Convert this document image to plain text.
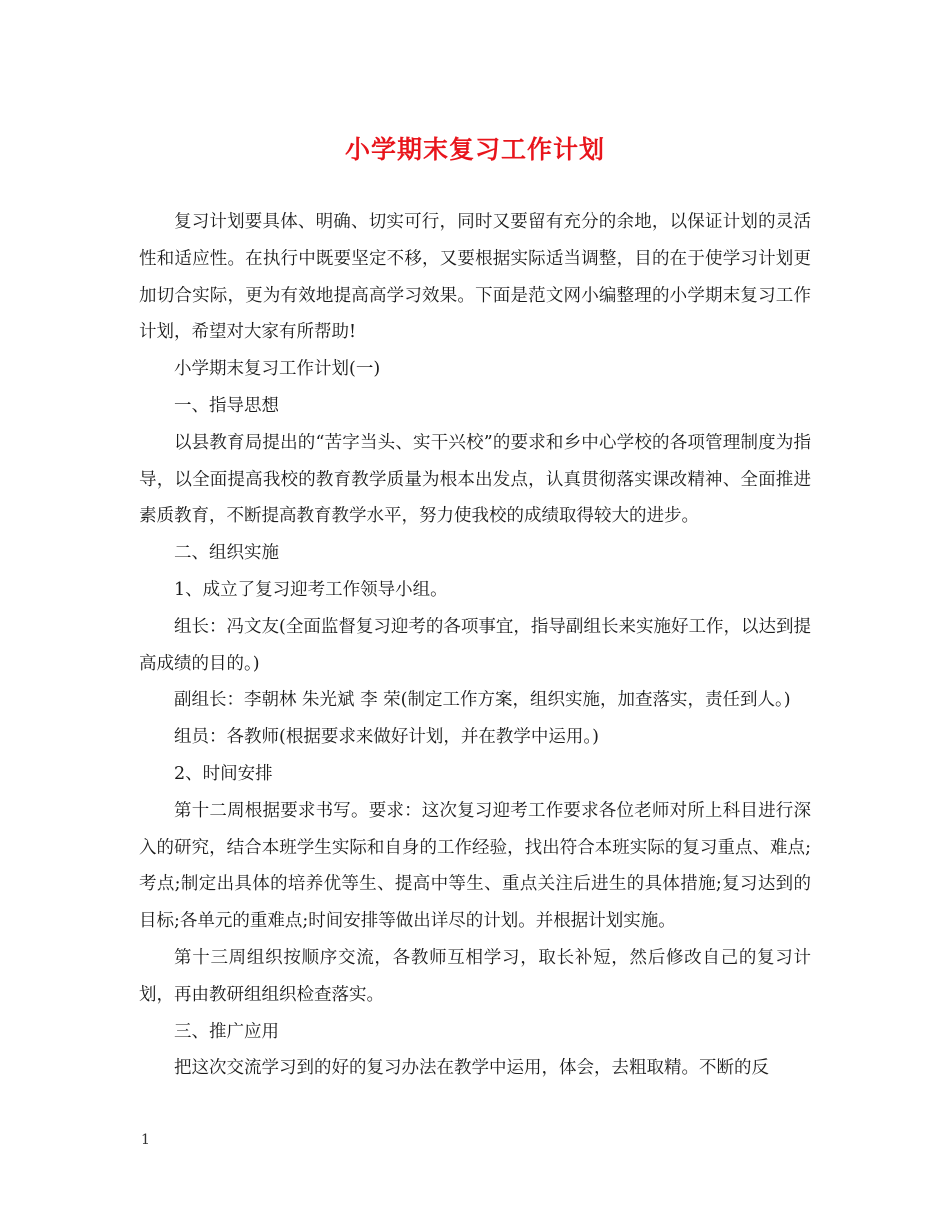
小学期末复习工作计划

复习计划要具体、明确、切实可行，同时又要留有充分的余地，以保证计划的灵活性和适应性。在执行中既要坚定不移，又要根据实际适当调整，目的在于使学习计划更加切合实际，更为有效地提高高学习效果。下面是范文网小编整理的小学期末复习工作计划，希望对大家有所帮助!

小学期末复习工作计划(一)

一、指导思想

以县教育局提出的“苦字当头、实干兴校”的要求和乡中心学校的各项管理制度为指导，以全面提高我校的教育教学质量为根本出发点，认真贯彻落实课改精神、全面推进素质教育，不断提高教育教学水平，努力使我校的成绩取得较大的进步。

二、组织实施

1、成立了复习迎考工作领导小组。

组长：冯文友(全面监督复习迎考的各项事宜，指导副组长来实施好工作，以达到提高成绩的目的。)

副组长：李朝林 朱光斌 李 荣(制定工作方案，组织实施，加查落实，责任到人。)

组员：各教师(根据要求来做好计划，并在教学中运用。)

2、时间安排

第十二周根据要求书写。要求：这次复习迎考工作要求各位老师对所上科目进行深入的研究，结合本班学生实际和自身的工作经验，找出符合本班实际的复习重点、难点;考点;制定出具体的培养优等生、提高中等生、重点关注后进生的具体措施;复习达到的目标;各单元的重难点;时间安排等做出详尽的计划。并根据计划实施。

第十三周组织按顺序交流，各教师互相学习，取长补短，然后修改自己的复习计划，再由教研组组织检查落实。

三、推广应用

把这次交流学习到的好的复习办法在教学中运用，体会，去粗取精。不断的反

1
